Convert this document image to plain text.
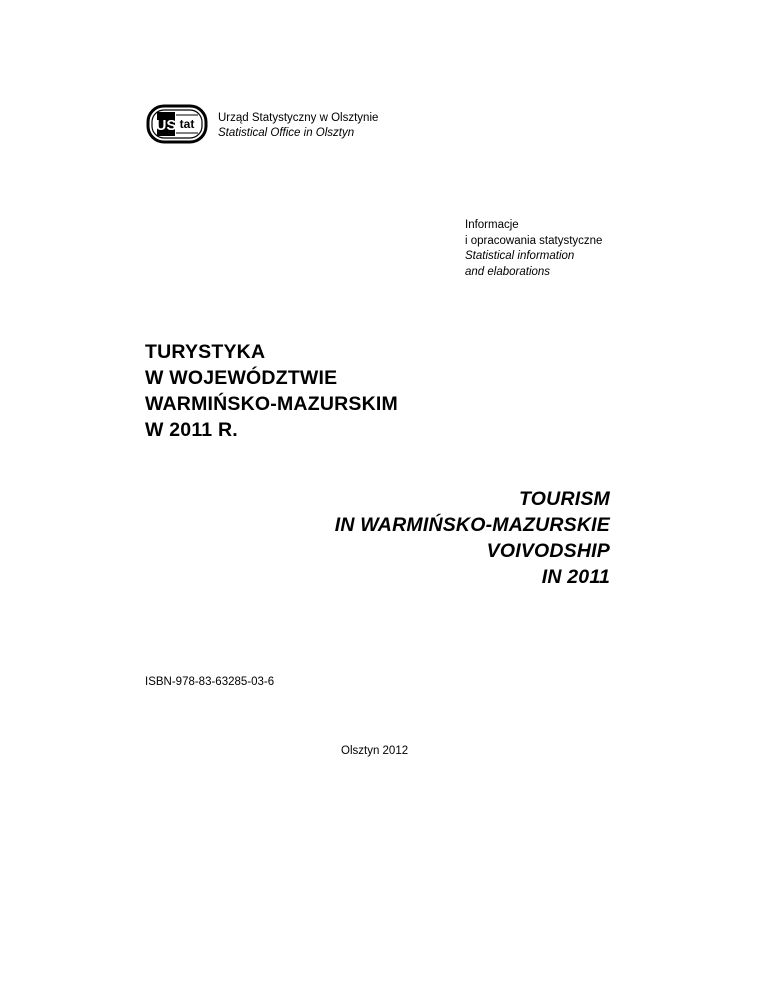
US tat Urząd Statystyczny w Olsztynie
Statistical Office in Olsztyn
Informacje
i opracowania statystyczne
Statistical information
and elaborations
TURYSTYKA
W WOJEWÓDZTWIE
WARMIŃSKO-MAZURSKIM
W 2011 R.
TOURISM
IN WARMIŃSKO-MAZURSKIE
VOIVODSHIP
IN 2011
ISBN-978-83-63285-03-6
Olsztyn 2012
